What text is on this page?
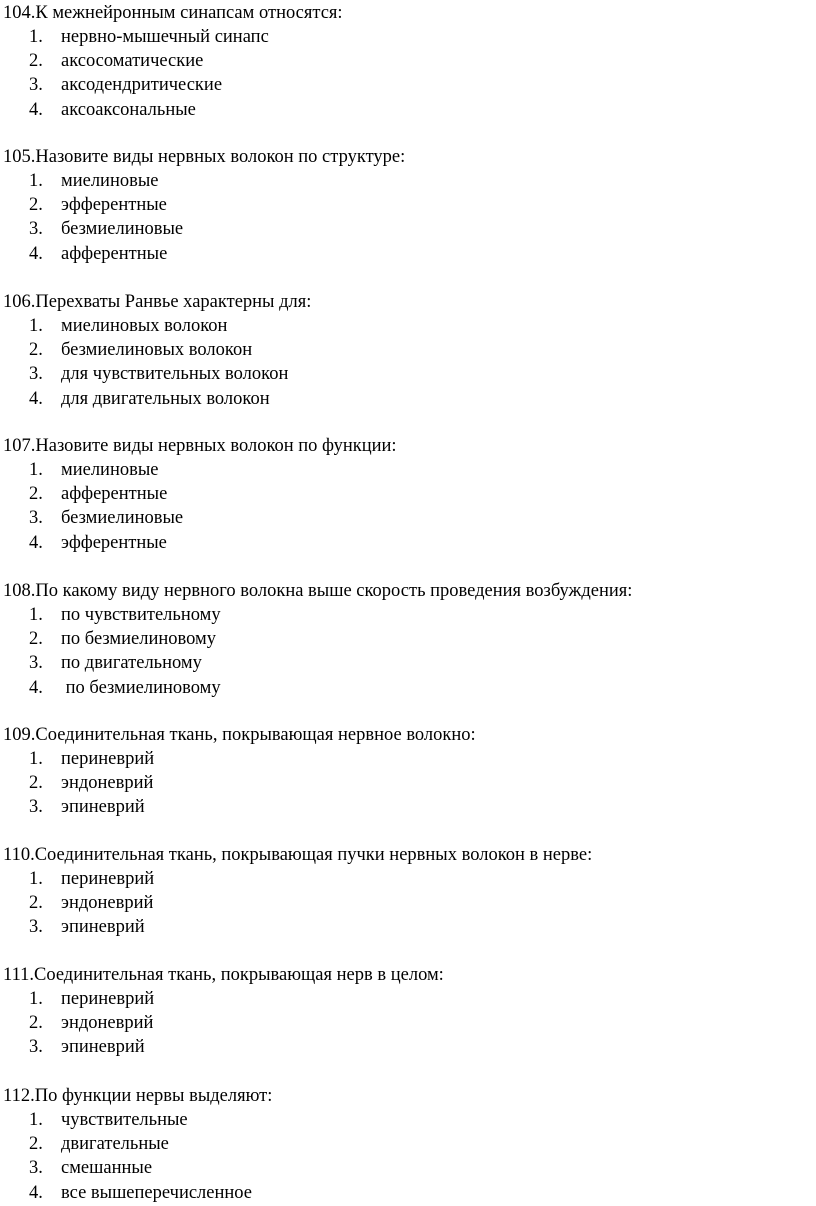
104.К межнейронным синапсам относятся:
1. нервно-мышечный синапс
2. аксосоматические
3. аксодендритические
4. аксоаксональные
105.Назовите виды нервных волокон по структуре:
1. миелиновые
2. эфферентные
3. безмиелиновые
4. афферентные
106.Перехваты Ранвье характерны для:
1. миелиновых волокон
2. безмиелиновых волокон
3. для чувствительных волокон
4. для двигательных волокон
107.Назовите виды нервных волокон по функции:
1. миелиновые
2. афферентные
3. безмиелиновые
4. эфферентные
108.По какому виду нервного волокна выше скорость проведения возбуждения:
1. по чувствительному
2. по безмиелиновому
3. по двигательному
4. по безмиелиновому
109.Соединительная ткань, покрывающая нервное волокно:
1. периневрий
2. эндоневрий
3. эпиневрий
110.Соединительная ткань, покрывающая пучки нервных волокон в нерве:
1. периневрий
2. эндоневрий
3. эпиневрий
111.Соединительная ткань, покрывающая нерв в целом:
1. периневрий
2. эндоневрий
3. эпиневрий
112.По функции нервы выделяют:
1. чувствительные
2. двигательные
3. смешанные
4. все вышеперечисленное
